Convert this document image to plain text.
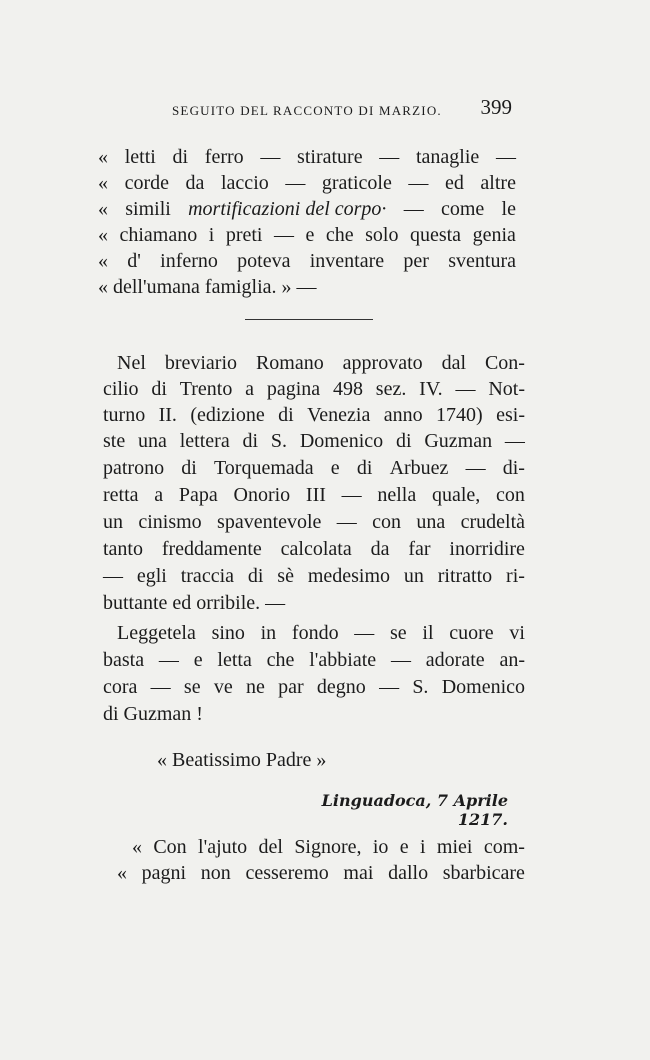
SEGUITO DEL RACCONTO DI MARZIO. 399
« letti di ferro — stirature — tanaglie —
« corde da laccio — graticole — ed altre
« simili mortificazioni del corpo· — come le
« chiamano i preti — e che solo questa genia
« d' inferno poteva inventare per sventura
« dell'umana famiglia. » —
Nel breviario Romano approvato dal Con-
cilio di Trento a pagina 498 sez. IV. — Not-
turno II. (edizione di Venezia anno 1740) esi-
ste una lettera di S. Domenico di Guzman —
patrono di Torquemada e di Arbuez — di-
retta a Papa Onorio III — nella quale, con
un cinismo spaventevole — con una crudeltà
tanto freddamente calcolata da far inorridire
— egli traccia di sè medesimo un ritratto ri-
buttante ed orribile. —
Leggetela sino in fondo — se il cuore vi
basta — e letta che l'abbiate — adorate an-
cora — se ve ne par degno — S. Domenico
di Guzman !
« Beatissimo Padre »
Linguadoca, 7 Aprile 1217.
« Con l'ajuto del Signore, io e i miei com-
« pagni non cesseremo mai dallo sbarbicare
